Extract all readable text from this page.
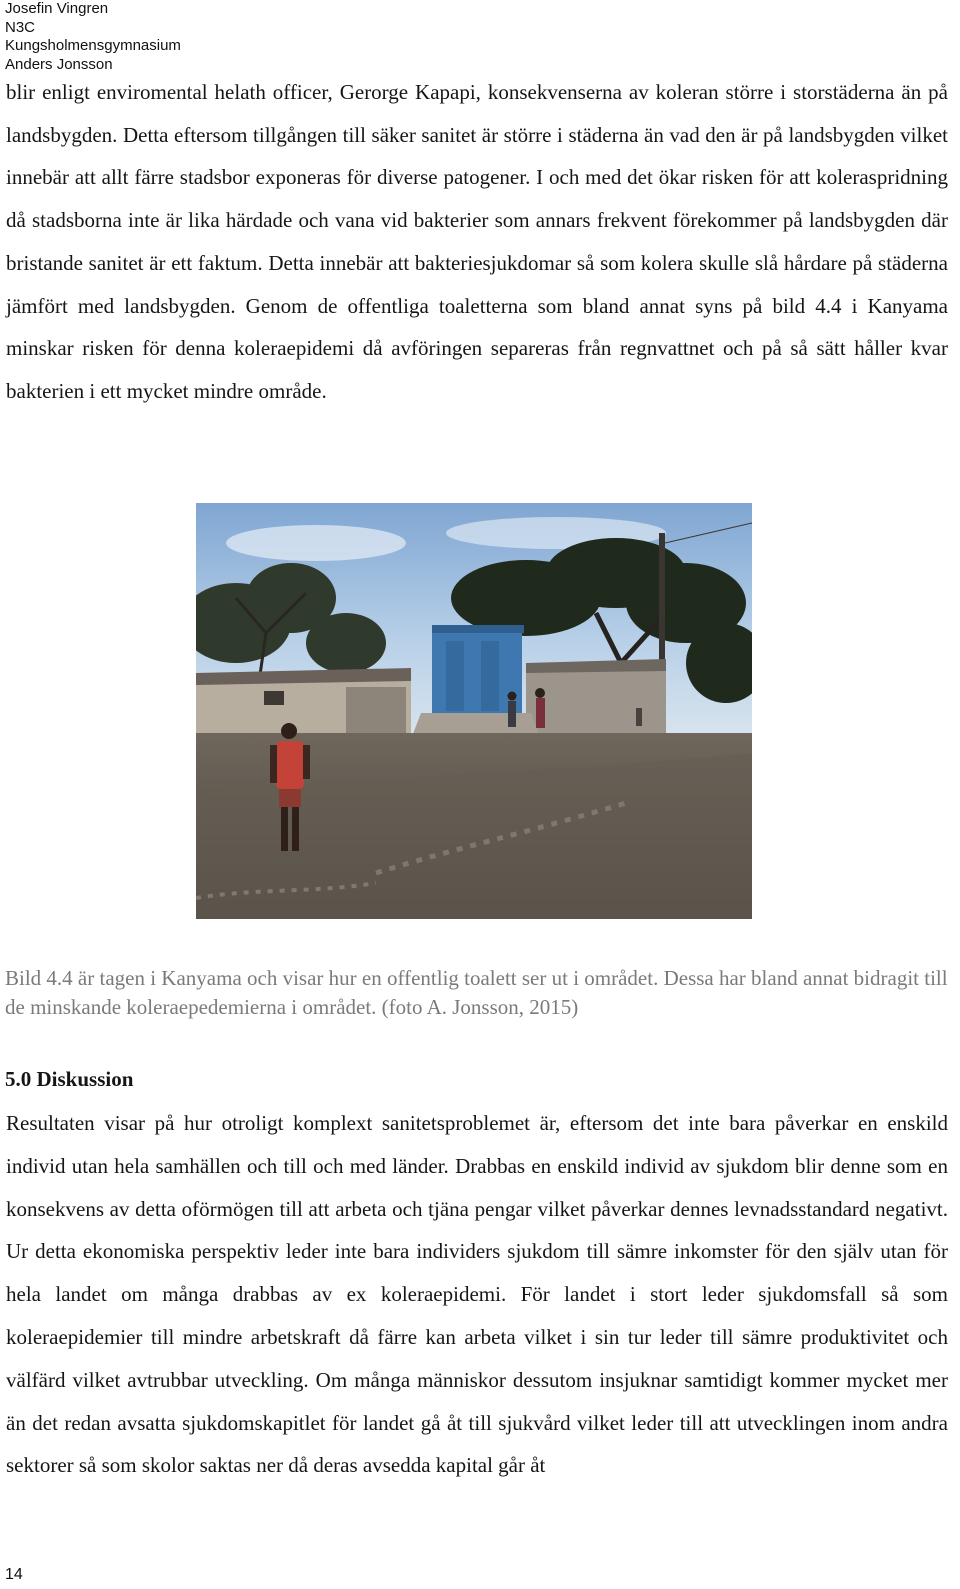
Josefin Vingren
N3C
Kungsholmensgymnasium
Anders Jonsson

blir enligt enviromental helath officer, Gerorge Kapapi, konsekvenserna av koleran större i storstäderna än på landsbygden. Detta eftersom tillgången till säker sanitet är större i städerna än vad den är på landsbygden vilket innebär att allt färre stadsbor exponeras för diverse patogener. I och med det ökar risken för att koleraspridning då stadsborna inte är lika härdade och vana vid bakterier som annars frekvent förekommer på landsbygden där bristande sanitet är ett faktum. Detta innebär att bakteriesjukdomar så som kolera skulle slå hårdare på städerna jämfört med landsbygden. Genom de offentliga toaletterna som bland annat syns på bild 4.4 i Kanyama minskar risken för denna koleraepidemi då avföringen separeras från regnvattnet och på så sätt håller kvar bakterien i ett mycket mindre område.

Bild 4.4 är tagen i Kanyama och visar hur en offentlig toalett ser ut i området. Dessa har bland annat bidragit till de minskande koleraepedemierna i området. (foto A. Jonsson, 2015)

5.0 Diskussion

Resultaten visar på hur otroligt komplext sanitetsproblemet är, eftersom det inte bara påverkar en enskild individ utan hela samhällen och till och med länder. Drabbas en enskild individ av sjukdom blir denne som en konsekvens av detta oförmögen till att arbeta och tjäna pengar vilket påverkar dennes levnadsstandard negativt. Ur detta ekonomiska perspektiv leder inte bara individers sjukdom till sämre inkomster för den själv utan för hela landet om många drabbas av ex koleraepidemi. För landet i stort leder sjukdomsfall så som koleraepidemier till mindre arbetskraft då färre kan arbeta vilket i sin tur leder till sämre produktivitet och välfärd vilket avtrubbar utveckling. Om många människor dessutom insjuknar samtidigt kommer mycket mer än det redan avsatta sjukdomskapitlet för landet gå åt till sjukvård vilket leder till att utvecklingen inom andra sektorer så som skolor saktas ner då deras avsedda kapital går åt

14
